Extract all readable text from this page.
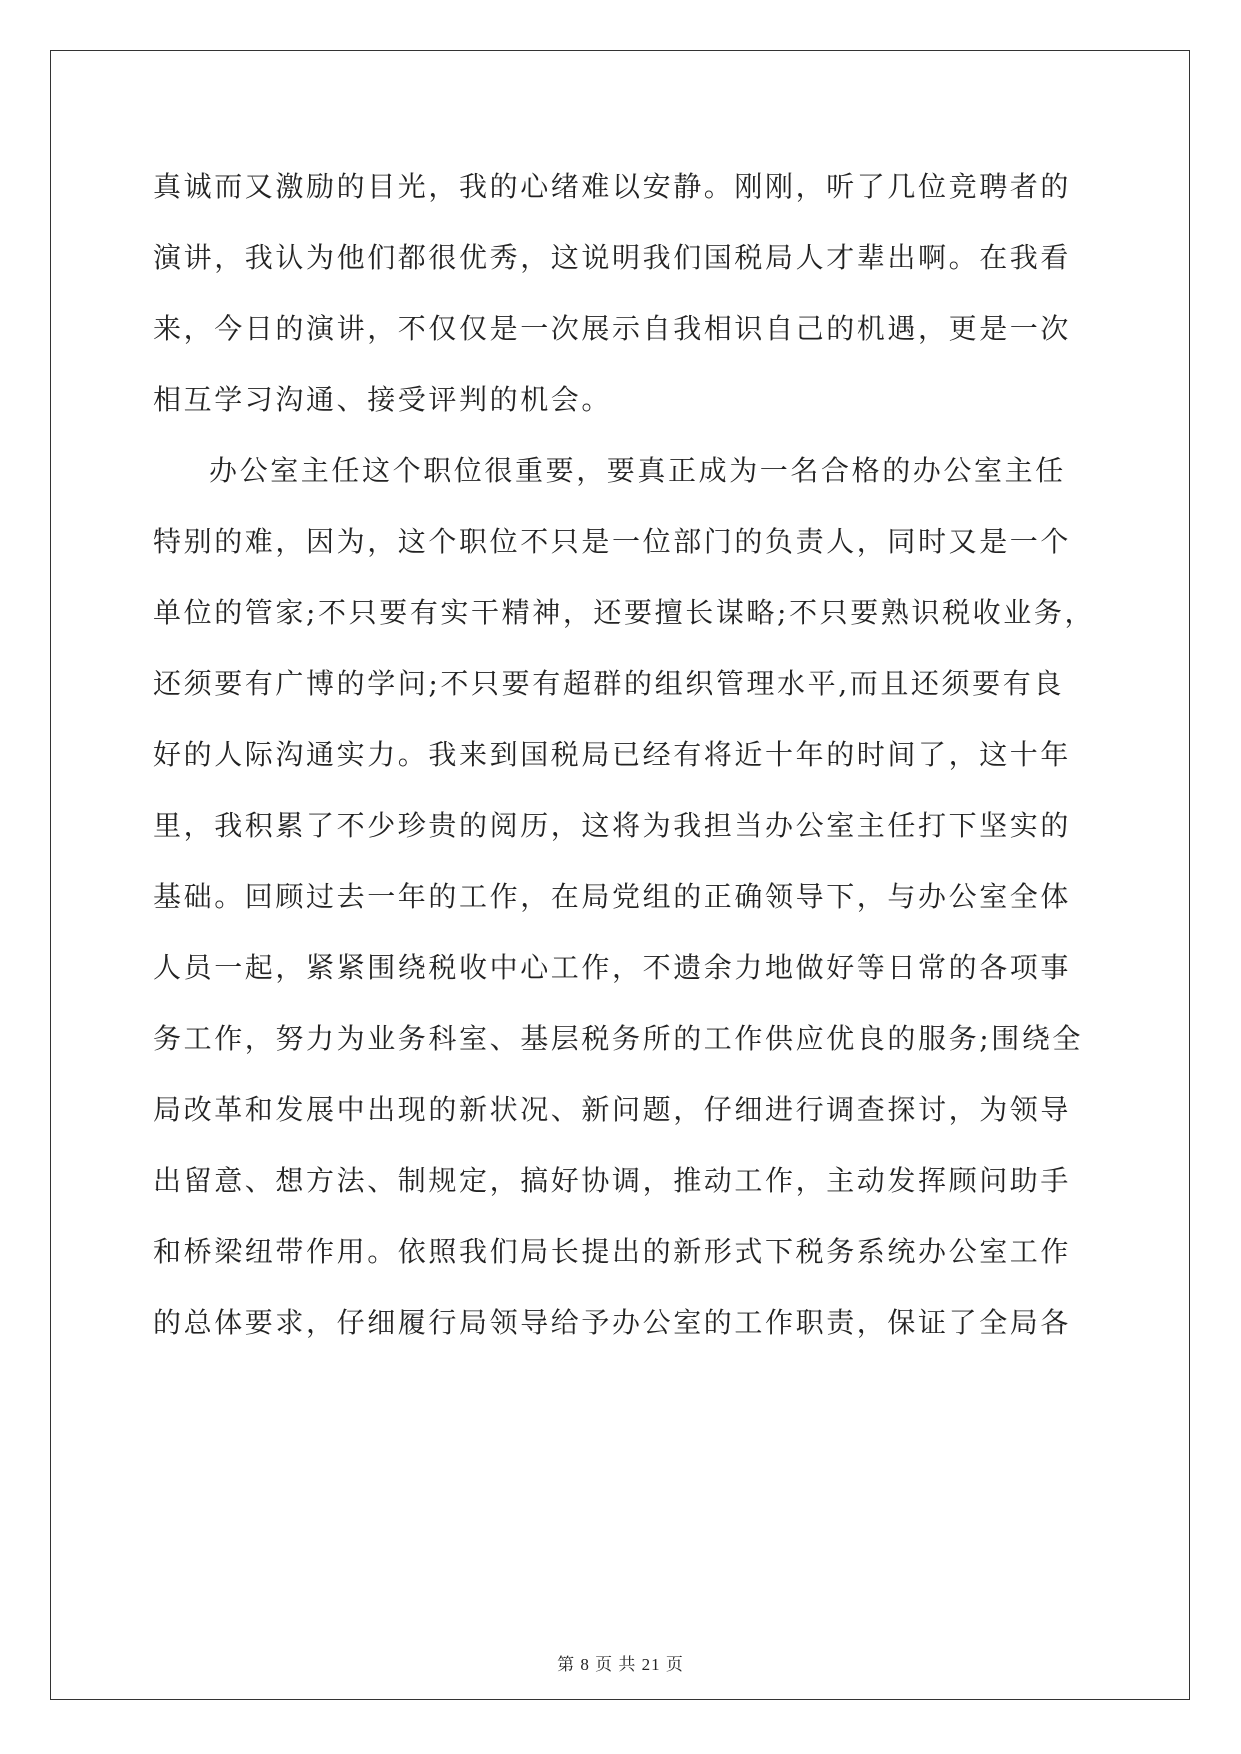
真诚而又激励的目光，我的心绪难以安静。刚刚，听了几位竞聘者的
演讲，我认为他们都很优秀，这说明我们国税局人才辈出啊。在我看
来，今日的演讲，不仅仅是一次展示自我相识自己的机遇，更是一次
相互学习沟通、接受评判的机会。
办公室主任这个职位很重要，要真正成为一名合格的办公室主任
特别的难，因为，这个职位不只是一位部门的负责人，同时又是一个
单位的管家;不只要有实干精神，还要擅长谋略;不只要熟识税收业务，
还须要有广博的学问;不只要有超群的组织管理水平,而且还须要有良
好的人际沟通实力。我来到国税局已经有将近十年的时间了，这十年
里，我积累了不少珍贵的阅历，这将为我担当办公室主任打下坚实的
基础。回顾过去一年的工作，在局党组的正确领导下，与办公室全体
人员一起，紧紧围绕税收中心工作，不遗余力地做好等日常的各项事
务工作，努力为业务科室、基层税务所的工作供应优良的服务;围绕全
局改革和发展中出现的新状况、新问题，仔细进行调查探讨，为领导
出留意、想方法、制规定，搞好协调，推动工作，主动发挥顾问助手
和桥梁纽带作用。依照我们局长提出的新形式下税务系统办公室工作
的总体要求，仔细履行局领导给予办公室的工作职责，保证了全局各
第 8 页 共 21 页
